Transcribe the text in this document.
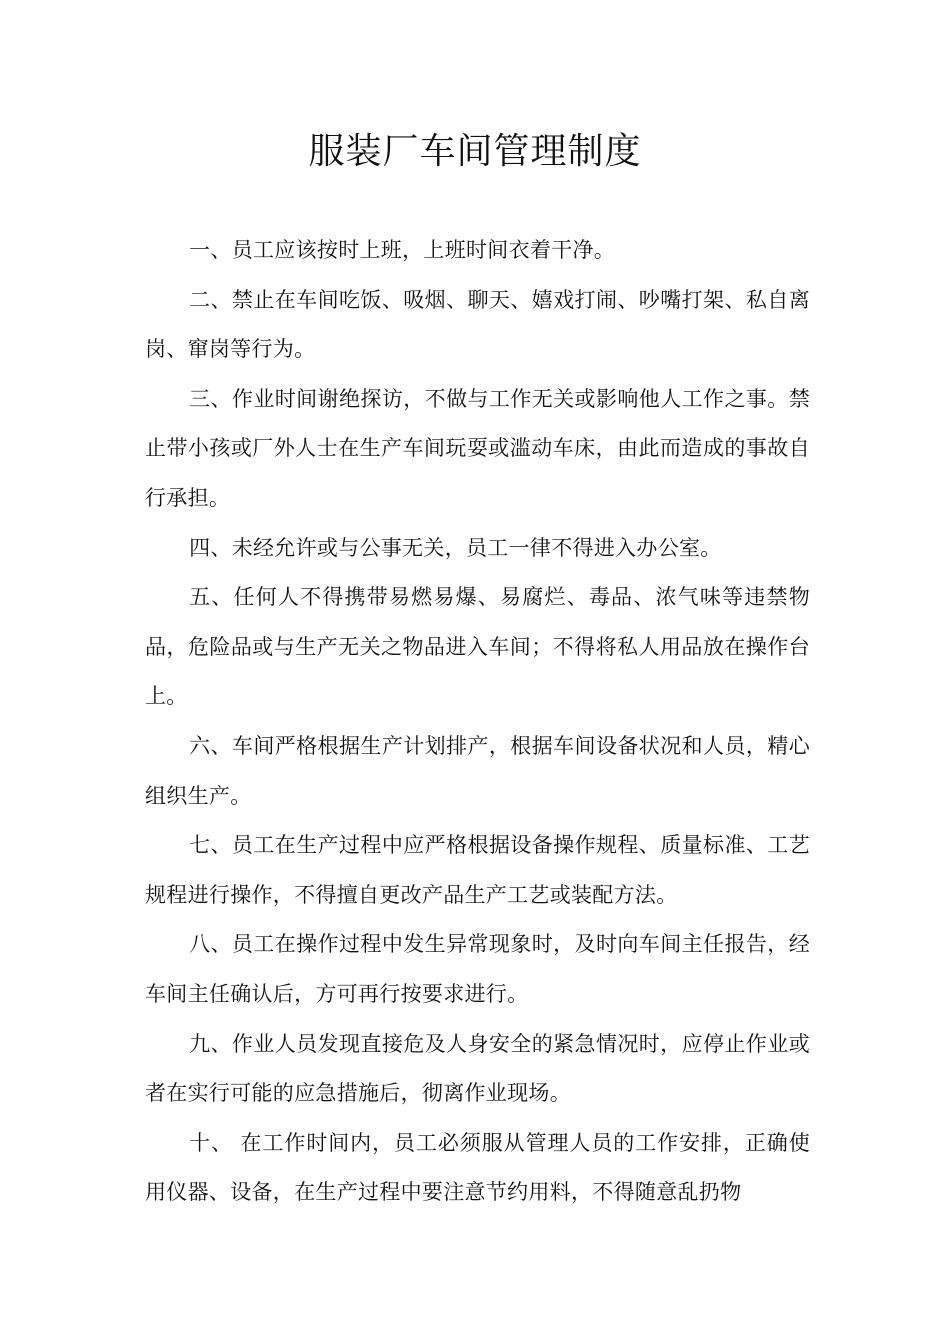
服装厂车间管理制度

一、员工应该按时上班，上班时间衣着干净。

二、禁止在车间吃饭、吸烟、聊天、嬉戏打闹、吵嘴打架、私自离岗、窜岗等行为。

三、作业时间谢绝探访，不做与工作无关或影响他人工作之事。禁止带小孩或厂外人士在生产车间玩耍或滥动车床，由此而造成的事故自行承担。

四、未经允许或与公事无关，员工一律不得进入办公室。

五、任何人不得携带易燃易爆、易腐烂、毒品、浓气味等违禁物品，危险品或与生产无关之物品进入车间；不得将私人用品放在操作台上。

六、车间严格根据生产计划排产，根据车间设备状况和人员，精心组织生产。

七、员工在生产过程中应严格根据设备操作规程、质量标准、工艺规程进行操作，不得擅自更改产品生产工艺或装配方法。

八、员工在操作过程中发生异常现象时，及时向车间主任报告，经车间主任确认后，方可再行按要求进行。

九、作业人员发现直接危及人身安全的紧急情况时，应停止作业或者在实行可能的应急措施后，彻离作业现场。

十、 在工作时间内，员工必须服从管理人员的工作安排，正确使用仪器、设备，在生产过程中要注意节约用料，不得随意乱扔物
